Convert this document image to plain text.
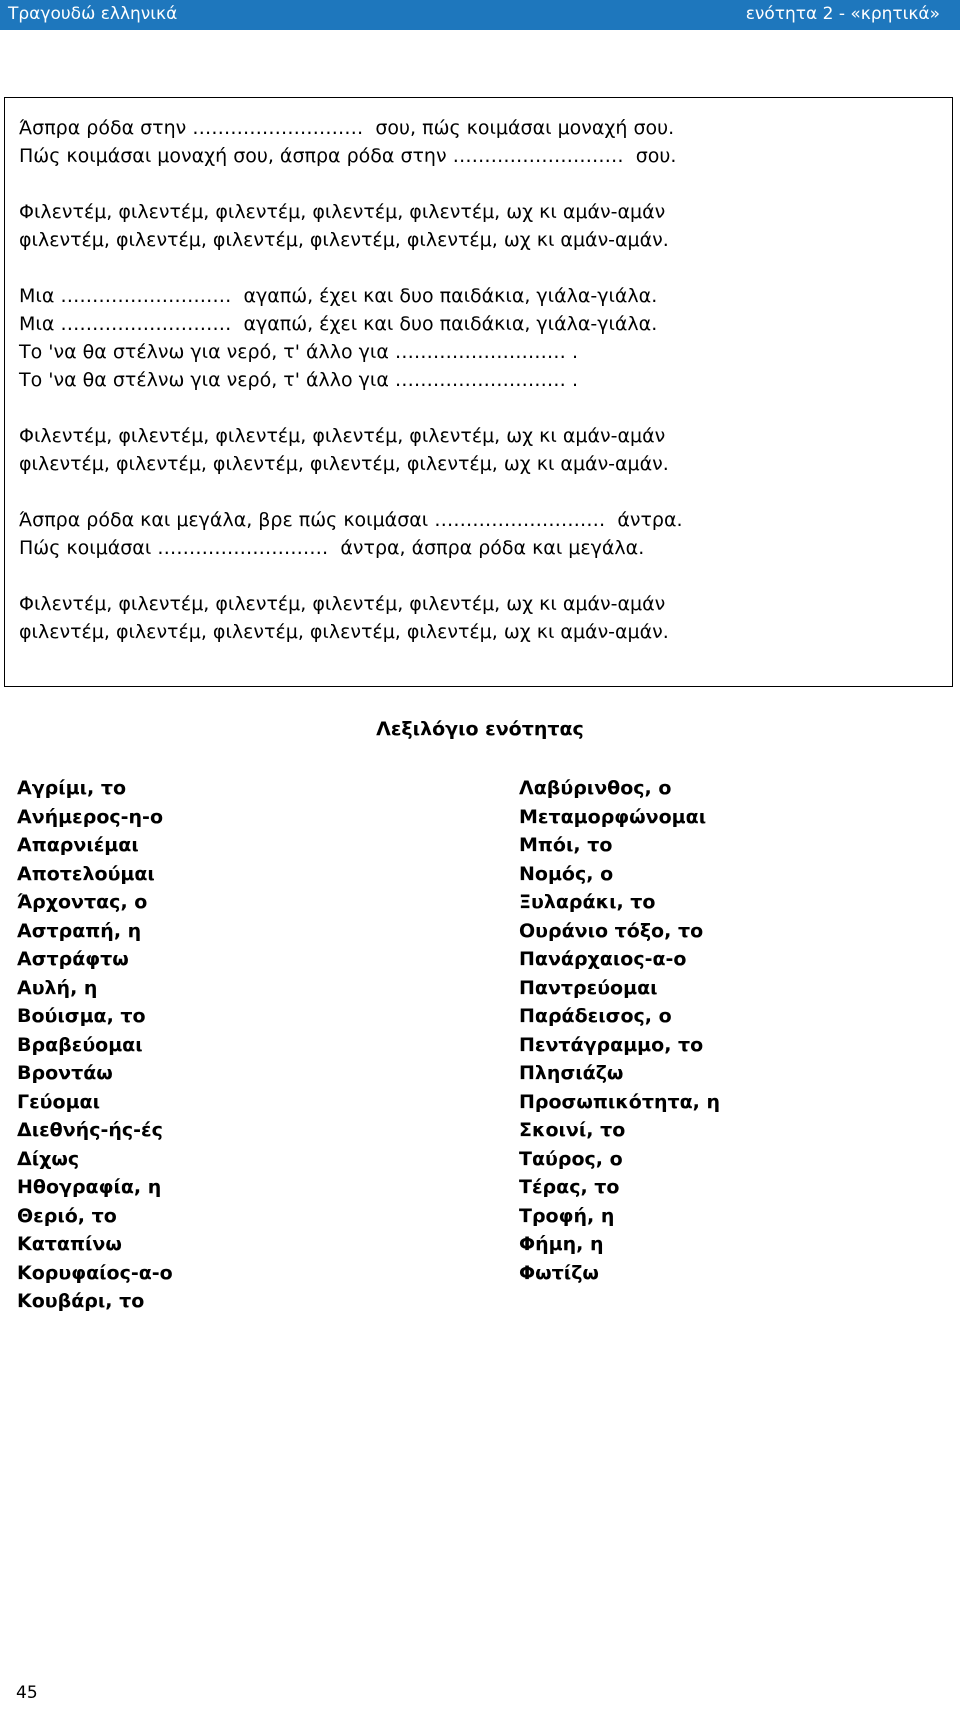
Τραγουδώ ελληνικά	ενότητα 2 - «κρητικά»
Άσπρα ρόδα στην ………………………  σου, πώς κοιμάσαι μοναχή σου.
Πώς κοιμάσαι μοναχή σου, άσπρα ρόδα στην ………………………  σου.
Φιλεντέμ, φιλεντέμ, φιλεντέμ, φιλεντέμ, φιλεντέμ, ωχ κι αμάν-αμάν
φιλεντέμ, φιλεντέμ, φιλεντέμ, φιλεντέμ, φιλεντέμ, ωχ κι αμάν-αμάν.
Μια ………………………  αγαπώ, έχει και δυο παιδάκια, γιάλα-γιάλα.
Μια ………………………  αγαπώ, έχει και δυο παιδάκια, γιάλα-γιάλα.
Το 'να θα στέλνω για νερό, τ' άλλο για ……………………… .
Το 'να θα στέλνω για νερό, τ' άλλο για ……………………… .
Φιλεντέμ, φιλεντέμ, φιλεντέμ, φιλεντέμ, φιλεντέμ, ωχ κι αμάν-αμάν
φιλεντέμ, φιλεντέμ, φιλεντέμ, φιλεντέμ, φιλεντέμ, ωχ κι αμάν-αμάν.
Άσπρα ρόδα και μεγάλα, βρε πώς κοιμάσαι ………………………  άντρα.
Πώς κοιμάσαι ………………………  άντρα, άσπρα ρόδα και μεγάλα.
Φιλεντέμ, φιλεντέμ, φιλεντέμ, φιλεντέμ, φιλεντέμ, ωχ κι αμάν-αμάν
φιλεντέμ, φιλεντέμ, φιλεντέμ, φιλεντέμ, φιλεντέμ, ωχ κι αμάν-αμάν.
Λεξιλόγιο ενότητας
Αγρίμι, το
Ανήμερος-η-ο
Απαρνιέμαι
Αποτελούμαι
Άρχοντας, ο
Αστραπή, η
Αστράφτω
Αυλή, η
Βούισμα, το
Βραβεύομαι
Βροντάω
Γεύομαι
Διεθνής-ής-ές
Δίχως
Ηθογραφία, η
Θεριό, το
Καταπίνω
Κορυφαίος-α-ο
Κουβάρι, το
Λαβύρινθος, ο
Μεταμορφώνομαι
Μπόι, το
Νομός, ο
Ξυλαράκι, το
Ουράνιο τόξο, το
Πανάρχαιος-α-ο
Παντρεύομαι
Παράδεισος, ο
Πεντάγραμμο, το
Πλησιάζω
Προσωπικότητα, η
Σκοινί, το
Ταύρος, ο
Τέρας, το
Τροφή, η
Φήμη, η
Φωτίζω
45
